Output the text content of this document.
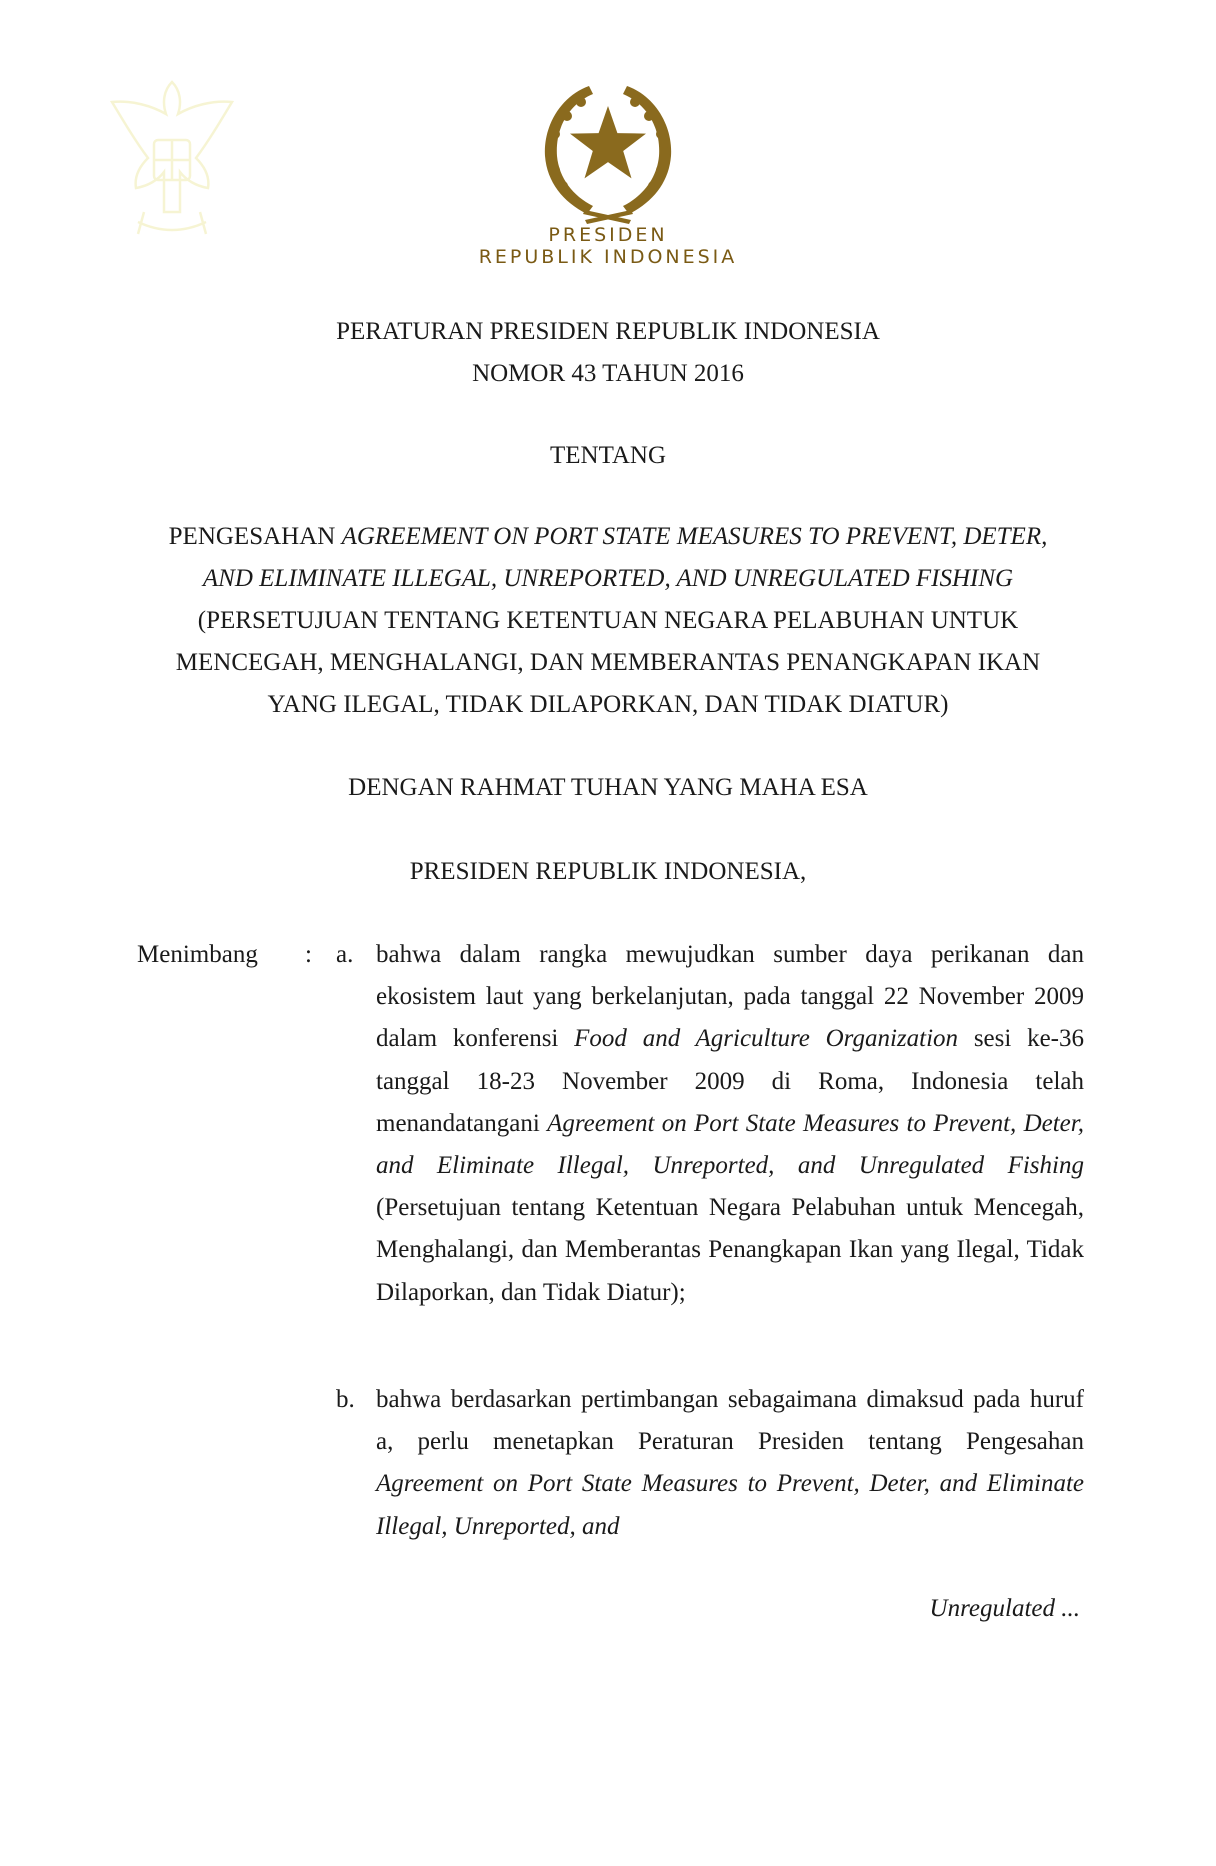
PRESIDEN
REPUBLIK INDONESIA
PERATURAN PRESIDEN REPUBLIK INDONESIA
NOMOR 43 TAHUN 2016
TENTANG
PENGESAHAN AGREEMENT ON PORT STATE MEASURES TO PREVENT, DETER,
AND ELIMINATE ILLEGAL, UNREPORTED, AND UNREGULATED FISHING
(PERSETUJUAN TENTANG KETENTUAN NEGARA PELABUHAN UNTUK
MENCEGAH, MENGHALANGI, DAN MEMBERANTAS PENANGKAPAN IKAN
YANG ILEGAL, TIDAK DILAPORKAN, DAN TIDAK DIATUR)
DENGAN RAHMAT TUHAN YANG MAHA ESA
PRESIDEN REPUBLIK INDONESIA,
Menimbang : a. bahwa dalam rangka mewujudkan sumber daya perikanan dan ekosistem laut yang berkelanjutan, pada tanggal 22 November 2009 dalam konferensi Food and Agriculture Organization sesi ke-36 tanggal 18-23 November 2009 di Roma, Indonesia telah menandatangani Agreement on Port State Measures to Prevent, Deter, and Eliminate Illegal, Unreported, and Unregulated Fishing (Persetujuan tentang Ketentuan Negara Pelabuhan untuk Mencegah, Menghalangi, dan Memberantas Penangkapan Ikan yang Ilegal, Tidak Dilaporkan, dan Tidak Diatur);
b. bahwa berdasarkan pertimbangan sebagaimana dimaksud pada huruf a, perlu menetapkan Peraturan Presiden tentang Pengesahan Agreement on Port State Measures to Prevent, Deter, and Eliminate Illegal, Unreported, and
Unregulated ...
